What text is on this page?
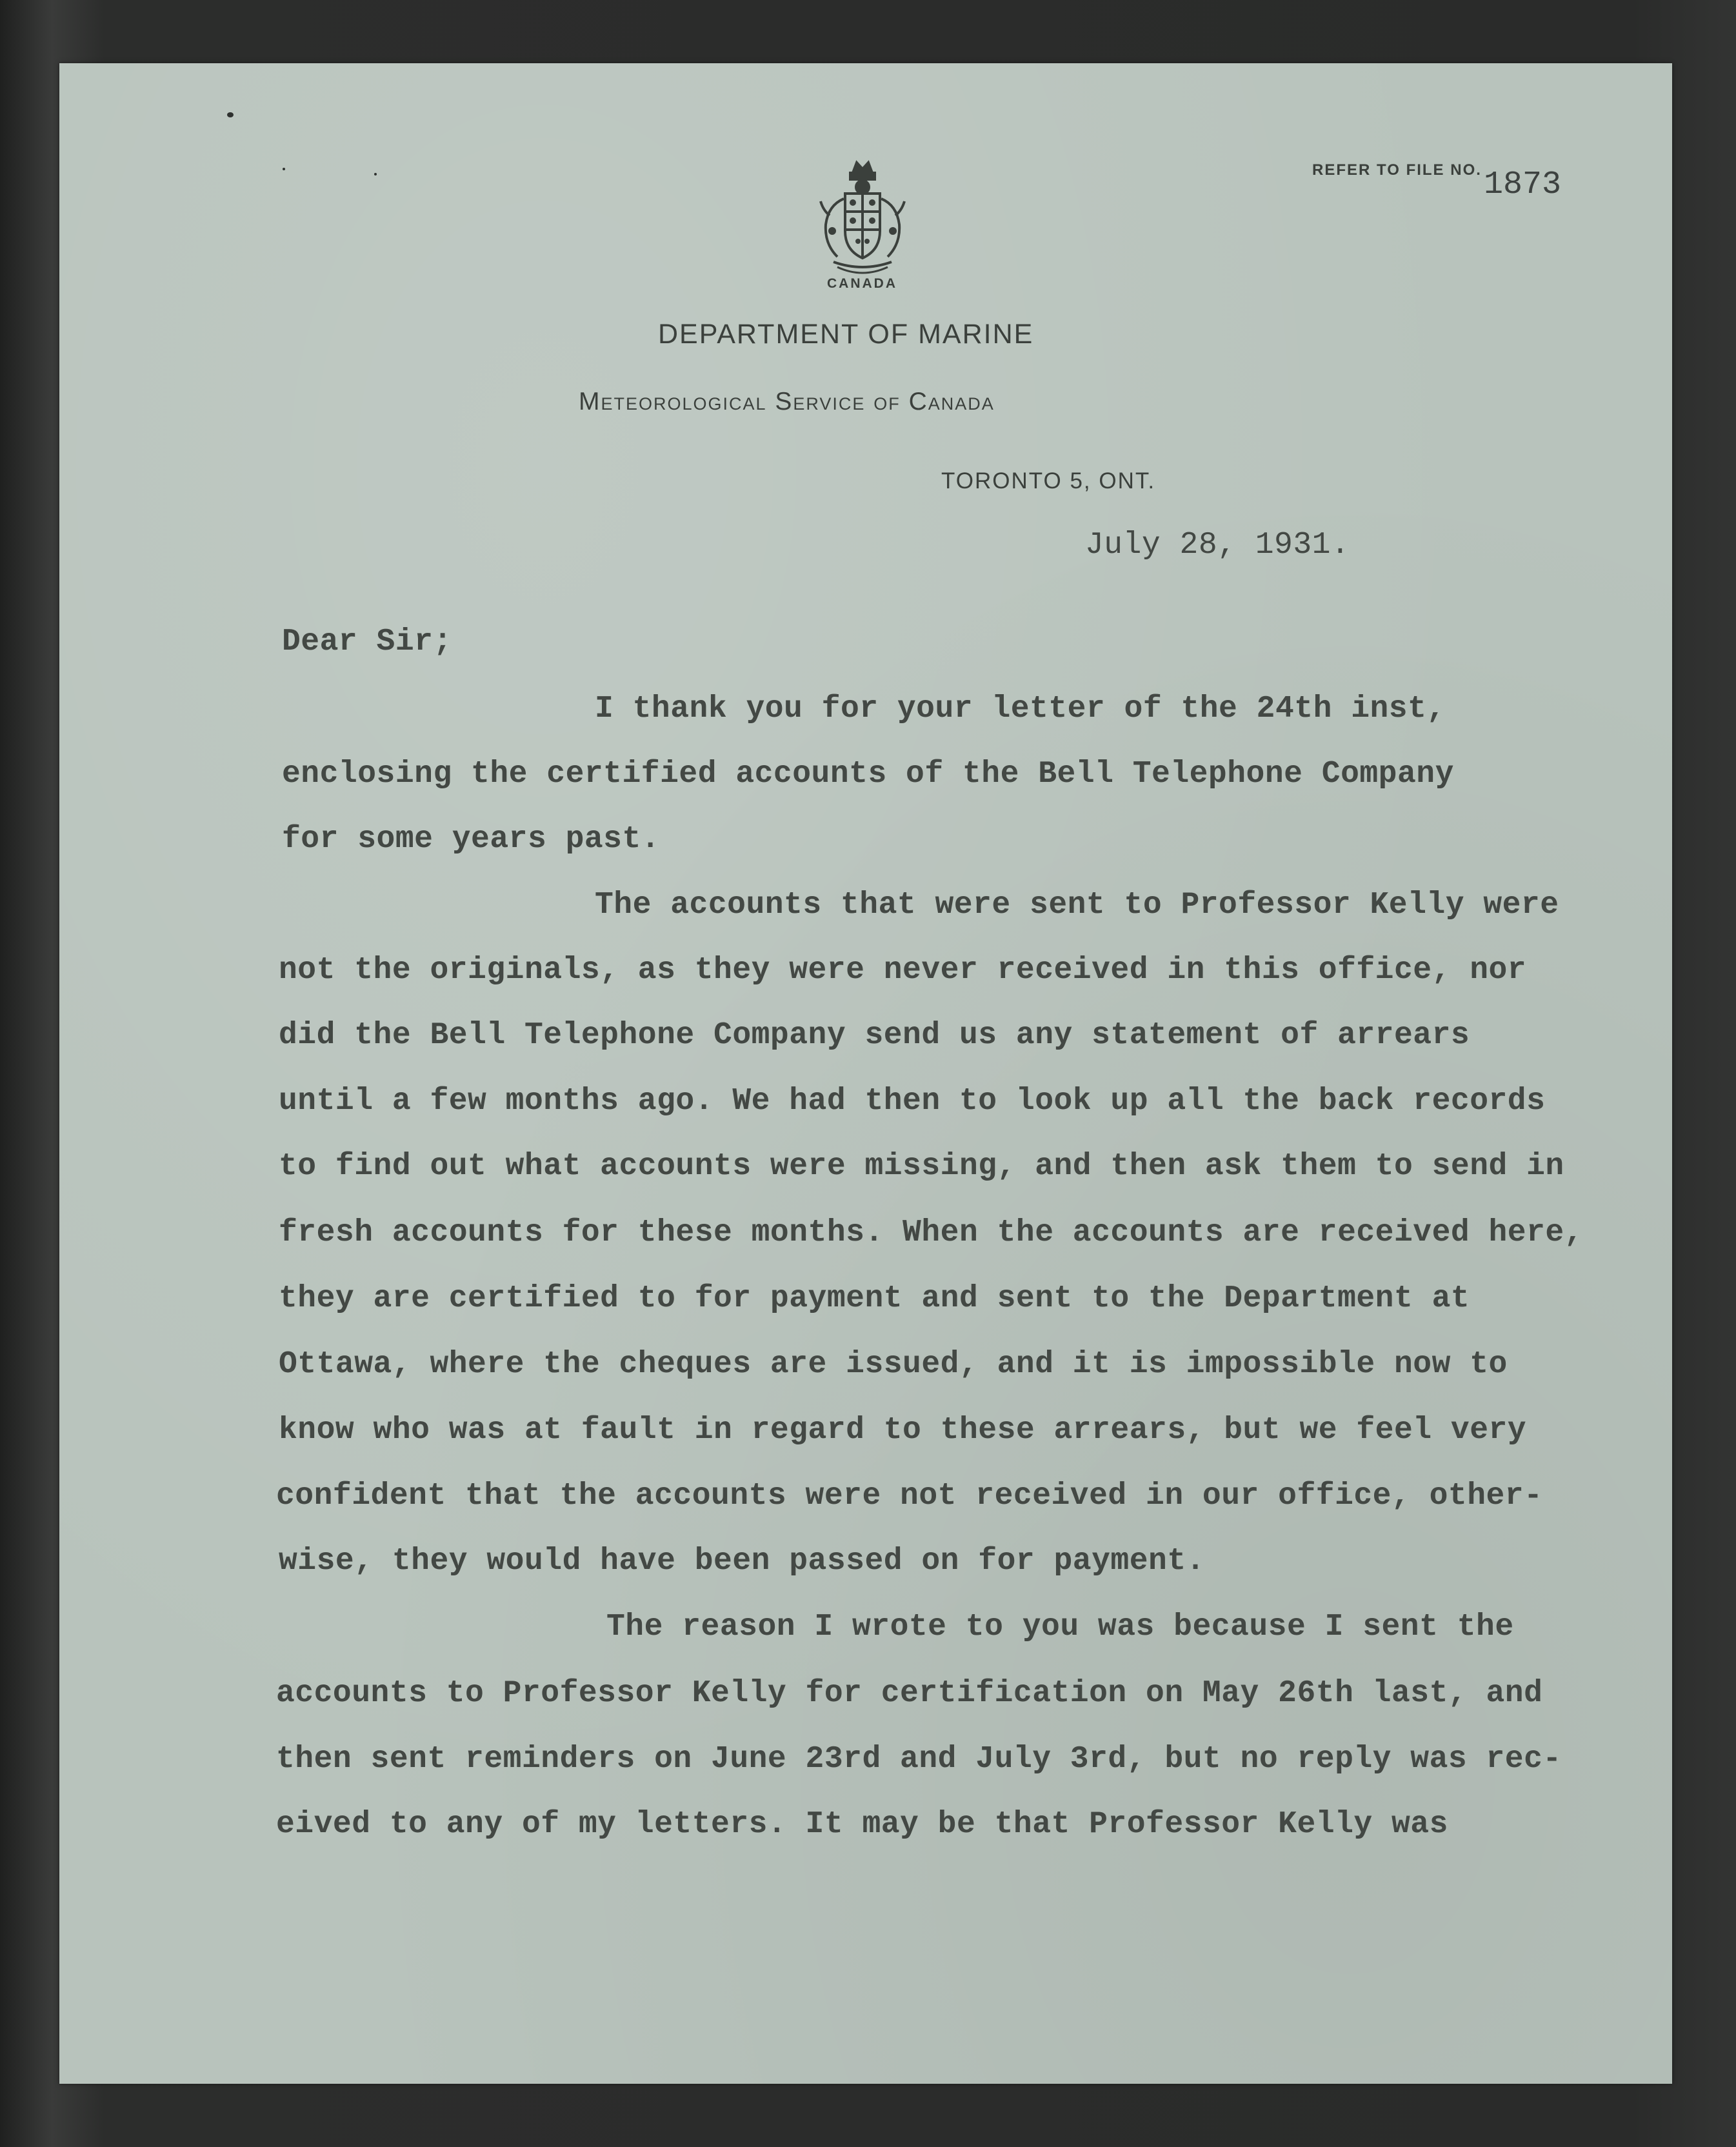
REFER TO FILE NO. 1873
CANADA
DEPARTMENT OF MARINE
Meteorological Service of Canada
TORONTO 5, ONT.
July 28, 1931.
Dear Sir;
I thank you for your letter of the 24th inst,
enclosing the certified accounts of the Bell Telephone Company
for some years past.
The accounts that were sent to Professor Kelly were
not the originals, as they were never received in this office, nor
did the Bell Telephone Company send us any statement of arrears
until a few months ago. We had then to look up all the back records
to find out what accounts were missing, and then ask them to send in
fresh accounts for these months. When the accounts are received here,
they are certified to for payment and sent to the Department at
Ottawa, where the cheques are issued, and it is impossible now to
know who was at fault in regard to these arrears, but we feel very
confident that the accounts were not received in our office, other-
wise, they would have been passed on for payment.
The reason I wrote to you was because I sent the
accounts to Professor Kelly for certification on May 26th last, and
then sent reminders on June 23rd and July 3rd, but no reply was rec-
eived to any of my letters. It may be that Professor Kelly was
